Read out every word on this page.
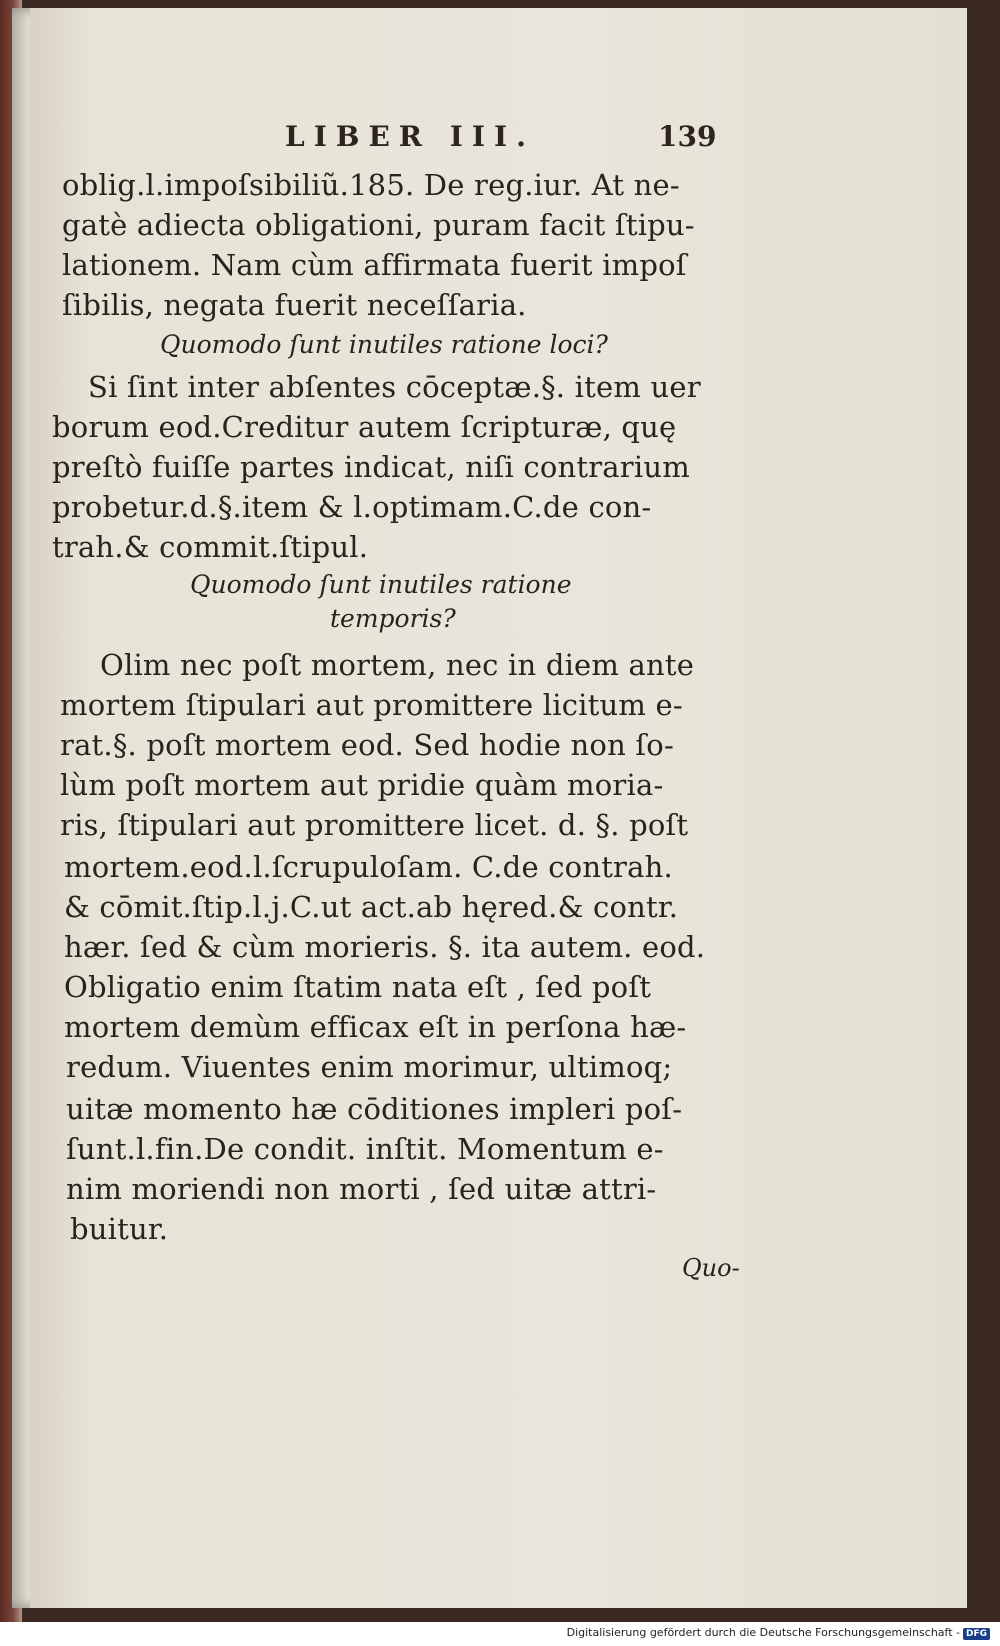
LIBER III.	139
oblig.l.impoſsibiliũ.185. De reg.iur. At ne-
gatè adiecta obligationi, puram facit ſtipu-
lationem. Nam cùm affirmata fuerit impoſ
ſibilis, negata fuerit neceſſaria.
Quomodo ſunt inutiles ratione loci?
Si ſint inter abſentes cōceptæ.§. item uer
borum eod.Creditur autem ſcripturæ, quę
preſtò fuiſſe partes indicat, niſi contrarium
probetur.d.§.item & l.optimam.C.de con-
trah.& commit.ſtipul.
Quomodo ſunt inutiles ratione
temporis?
Olim nec poſt mortem, nec in diem ante
mortem ſtipulari aut promittere licitum e-
rat.§. poſt mortem eod. Sed hodie non ſo-
lùm poſt mortem aut pridie quàm moria-
ris, ſtipulari aut promittere licet. d. §. poſt
mortem.eod.l.ſcrupuloſam. C.de contrah.
& cōmit.ſtip.l.j.C.ut act.ab hęred.& contr.
hær. ſed & cùm morieris. §. ita autem. eod.
Obligatio enim ſtatim nata eſt , ſed poſt
mortem demùm efficax eſt in perſona hæ-
redum. Viuentes enim morimur, ultimoq;
uitæ momento hæ cōditiones impleri poſ-
ſunt.l.fin.De condit. inſtit. Momentum e-
nim moriendi non morti , ſed uitæ attri-
buitur.
Quo-
Digitalisierung gefördert durch die Deutsche Forschungsgemeinschaft - DFG
